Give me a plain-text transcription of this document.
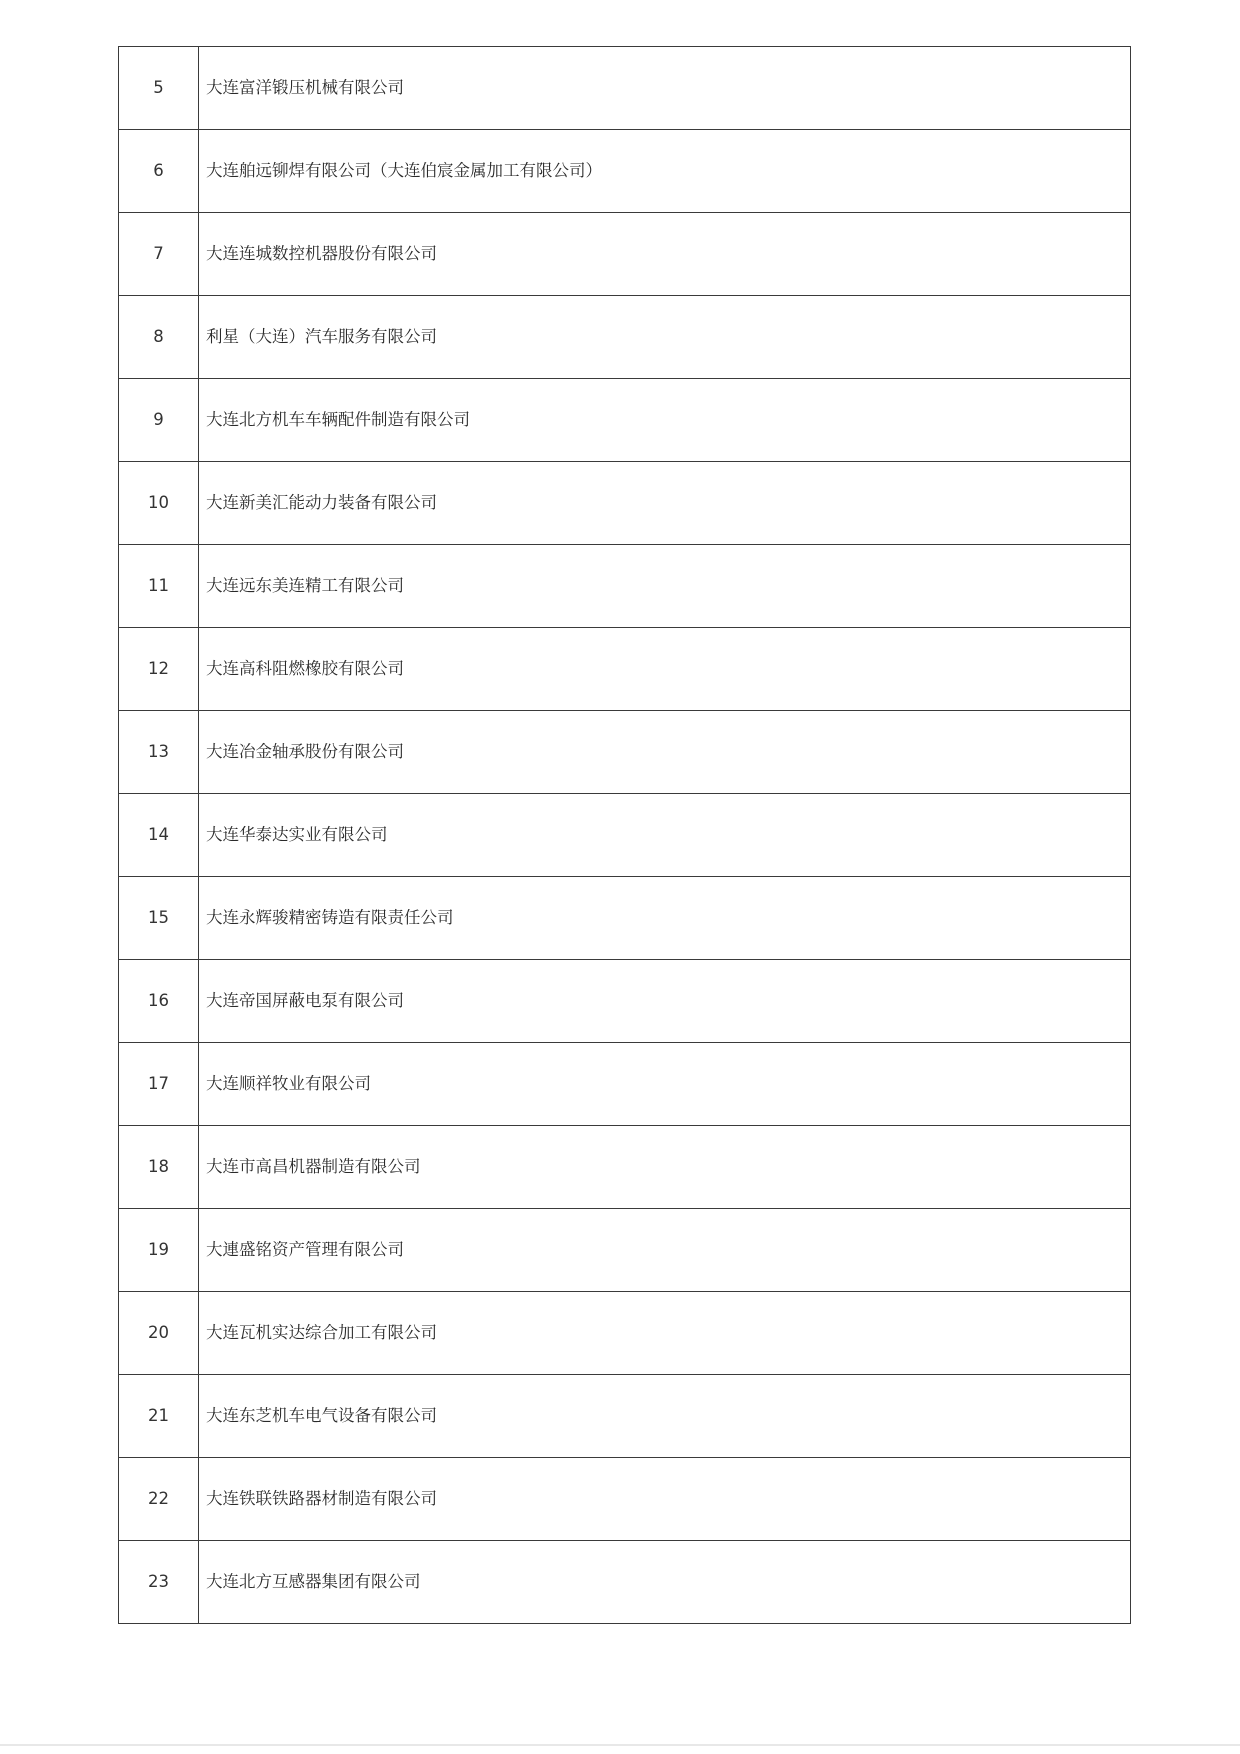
5	大连富洋锻压机械有限公司
6	大连舶远铆焊有限公司（大连伯宸金属加工有限公司）
7	大连连城数控机器股份有限公司
8	利星（大连）汽车服务有限公司
9	大连北方机车车辆配件制造有限公司
10	大连新美汇能动力装备有限公司
11	大连远东美连精工有限公司
12	大连高科阻燃橡胶有限公司
13	大连冶金轴承股份有限公司
14	大连华泰达实业有限公司
15	大连永辉骏精密铸造有限责任公司
16	大连帝国屏蔽电泵有限公司
17	大连顺祥牧业有限公司
18	大连市高昌机器制造有限公司
19	大連盛铭资产管理有限公司
20	大连瓦机实达综合加工有限公司
21	大连东芝机车电气设备有限公司
22	大连铁联铁路器材制造有限公司
23	大连北方互感器集团有限公司
